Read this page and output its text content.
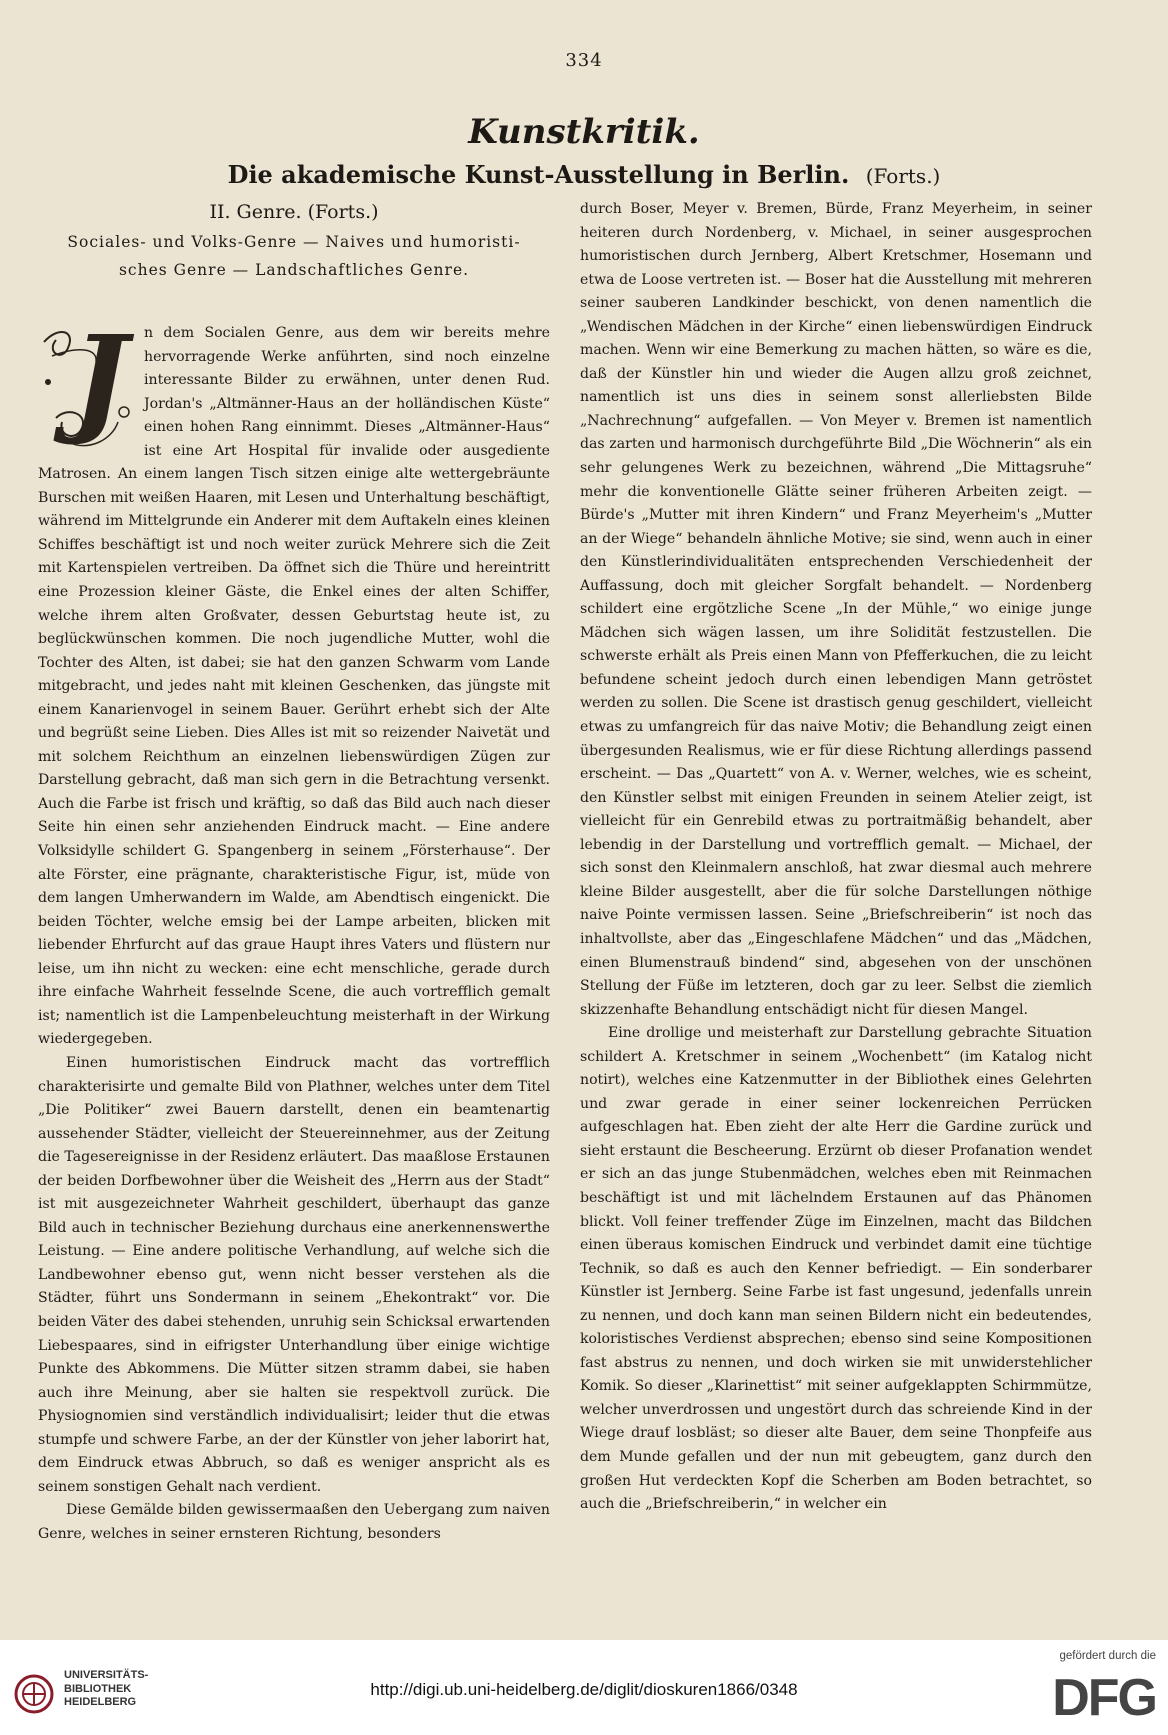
334
Kunstkritik.
Die akademische Kunst-Ausstellung in Berlin. (Forts.)
II. Genre. (Forts.)
Sociales- und Volks-Genre — Naives und humoristi-
sches Genre — Landschaftliches Genre.
J	n dem Socialen Genre, aus dem wir bereits mehre hervorragende Werke anführten, sind noch einzelne interessante Bilder zu erwähnen, unter denen Rud. Jordan's „Altmänner-Haus an der holländischen Küste“ einen hohen Rang einnimmt. Dieses „Altmänner-Haus“ ist eine Art Hospital für invalide oder ausgediente Matrosen. An einem langen Tisch sitzen einige alte wettergebräunte Burschen mit weißen Haaren, mit Lesen und Unterhaltung beschäftigt, während im Mittelgrunde ein Anderer mit dem Auftakeln eines kleinen Schiffes beschäftigt ist und noch weiter zurück Mehrere sich die Zeit mit Kartenspielen vertreiben. Da öffnet sich die Thüre und hereintritt eine Prozession kleiner Gäste, die Enkel eines der alten Schiffer, welche ihrem alten Großvater, dessen Geburtstag heute ist, zu beglückwünschen kommen. Die noch jugendliche Mutter, wohl die Tochter des Alten, ist dabei; sie hat den ganzen Schwarm vom Lande mitgebracht, und jedes naht mit kleinen Geschenken, das jüngste mit einem Kanarienvogel in seinem Bauer. Gerührt erhebt sich der Alte und begrüßt seine Lieben. Dies Alles ist mit so reizender Naivetät und mit solchem Reichthum an einzelnen liebenswürdigen Zügen zur Darstellung gebracht, daß man sich gern in die Betrachtung versenkt. Auch die Farbe ist frisch und kräftig, so daß das Bild auch nach dieser Seite hin einen sehr anziehenden Eindruck macht. — Eine andere Volksidylle schildert G. Spangenberg in seinem „Försterhause“. Der alte Förster, eine prägnante, charakteristische Figur, ist, müde von dem langen Umherwandern im Walde, am Abendtisch eingenickt. Die beiden Töchter, welche emsig bei der Lampe arbeiten, blicken mit liebender Ehrfurcht auf das graue Haupt ihres Vaters und flüstern nur leise, um ihn nicht zu wecken: eine echt menschliche, gerade durch ihre einfache Wahrheit fesselnde Scene, die auch vortrefflich gemalt ist; namentlich ist die Lampenbeleuchtung meisterhaft in der Wirkung wiedergegeben.

Einen humoristischen Eindruck macht das vortrefflich charakterisirte und gemalte Bild von Plathner, welches unter dem Titel „Die Politiker“ zwei Bauern darstellt, denen ein beamtenartig aussehender Städter, vielleicht der Steuereinnehmer, aus der Zeitung die Tagesereignisse in der Residenz erläutert. Das maaßlose Erstaunen der beiden Dorfbewohner über die Weisheit des „Herrn aus der Stadt“ ist mit ausgezeichneter Wahrheit geschildert, überhaupt das ganze Bild auch in technischer Beziehung durchaus eine anerkennenswerthe Leistung. — Eine andere politische Verhandlung, auf welche sich die Landbewohner ebenso gut, wenn nicht besser verstehen als die Städter, führt uns Sondermann in seinem „Ehekontrakt“ vor. Die beiden Väter des dabei stehenden, unruhig sein Schicksal erwartenden Liebespaares, sind in eifrigster Unterhandlung über einige wichtige Punkte des Abkommens. Die Mütter sitzen stramm dabei, sie haben auch ihre Meinung, aber sie halten sie respektvoll zurück. Die Physiognomien sind verständlich individualisirt; leider thut die etwas stumpfe und schwere Farbe, an der der Künstler von jeher laborirt hat, dem Eindruck etwas Abbruch, so daß es weniger anspricht als es seinem sonstigen Gehalt nach verdient.

Diese Gemälde bilden gewissermaaßen den Uebergang zum naiven Genre, welches in seiner ernsteren Richtung, besonders

durch Boser, Meyer v. Bremen, Bürde, Franz Meyerheim, in seiner heiteren durch Nordenberg, v. Michael, in seiner ausgesprochen humoristischen durch Jernberg, Albert Kretschmer, Hosemann und etwa de Loose vertreten ist. — Boser hat die Ausstellung mit mehreren seiner sauberen Landkinder beschickt, von denen namentlich die „Wendischen Mädchen in der Kirche“ einen liebenswürdigen Eindruck machen. Wenn wir eine Bemerkung zu machen hätten, so wäre es die, daß der Künstler hin und wieder die Augen allzu groß zeichnet, namentlich ist uns dies in seinem sonst allerliebsten Bilde „Nachrechnung“ aufgefallen. — Von Meyer v. Bremen ist namentlich das zarten und harmonisch durchgeführte Bild „Die Wöchnerin“ als ein sehr gelungenes Werk zu bezeichnen, während „Die Mittagsruhe“ mehr die konventionelle Glätte seiner früheren Arbeiten zeigt. — Bürde's „Mutter mit ihren Kindern“ und Franz Meyerheim's „Mutter an der Wiege“ behandeln ähnliche Motive; sie sind, wenn auch in einer den Künstlerindividualitäten entsprechenden Verschiedenheit der Auffassung, doch mit gleicher Sorgfalt behandelt. — Nordenberg schildert eine ergötzliche Scene „In der Mühle,“ wo einige junge Mädchen sich wägen lassen, um ihre Solidität festzustellen. Die schwerste erhält als Preis einen Mann von Pfefferkuchen, die zu leicht befundene scheint jedoch durch einen lebendigen Mann getröstet werden zu sollen. Die Scene ist drastisch genug geschildert, vielleicht etwas zu umfangreich für das naive Motiv; die Behandlung zeigt einen übergesunden Realismus, wie er für diese Richtung allerdings passend erscheint. — Das „Quartett“ von A. v. Werner, welches, wie es scheint, den Künstler selbst mit einigen Freunden in seinem Atelier zeigt, ist vielleicht für ein Genrebild etwas zu portraitmäßig behandelt, aber lebendig in der Darstellung und vortrefflich gemalt. — Michael, der sich sonst den Kleinmalern anschloß, hat zwar diesmal auch mehrere kleine Bilder ausgestellt, aber die für solche Darstellungen nöthige naive Pointe vermissen lassen. Seine „Briefschreiberin“ ist noch das inhaltvollste, aber das „Eingeschlafene Mädchen“ und das „Mädchen, einen Blumenstrauß bindend“ sind, abgesehen von der unschönen Stellung der Füße im letzteren, doch gar zu leer. Selbst die ziemlich skizzenhafte Behandlung entschädigt nicht für diesen Mangel.

Eine drollige und meisterhaft zur Darstellung gebrachte Situation schildert A. Kretschmer in seinem „Wochenbett“ (im Katalog nicht notirt), welches eine Katzenmutter in der Bibliothek eines Gelehrten und zwar gerade in einer seiner lockenreichen Perrücken aufgeschlagen hat. Eben zieht der alte Herr die Gardine zurück und sieht erstaunt die Bescheerung. Erzürnt ob dieser Profanation wendet er sich an das junge Stubenmädchen, welches eben mit Reinmachen beschäftigt ist und mit lächelndem Erstaunen auf das Phänomen blickt. Voll feiner treffender Züge im Einzelnen, macht das Bildchen einen überaus komischen Eindruck und verbindet damit eine tüchtige Technik, so daß es auch den Kenner befriedigt. — Ein sonderbarer Künstler ist Jernberg. Seine Farbe ist fast ungesund, jedenfalls unrein zu nennen, und doch kann man seinen Bildern nicht ein bedeutendes, koloristisches Verdienst absprechen; ebenso sind seine Kompositionen fast abstrus zu nennen, und doch wirken sie mit unwiderstehlicher Komik. So dieser „Klarinettist“ mit seiner aufgeklappten Schirmmütze, welcher unverdrossen und ungestört durch das schreiende Kind in der Wiege drauf losbläst; so dieser alte Bauer, dem seine Thonpfeife aus dem Munde gefallen und der nun mit gebeugtem, ganz durch den großen Hut verdeckten Kopf die Scherben am Boden betrachtet, so auch die „Briefschreiberin,“ in welcher ein

UNIVERSITÄTS-
BIBLIOTHEK
HEIDELBERG
http://digi.ub.uni-heidelberg.de/diglit/dioskuren1866/0348
gefördert durch die
DFG
